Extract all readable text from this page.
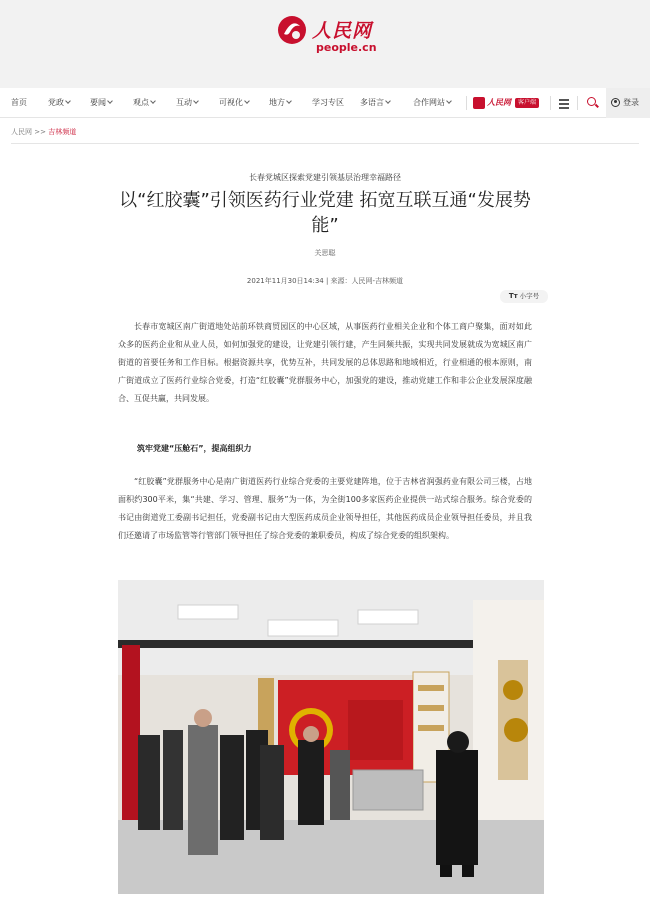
人民网
people.cn
首页	党政	要闻	观点	互动	可视化	地方	学习专区 多语言	合作网站	人民网	客户端	登录
人民网 >> 吉林频道
长春党城区探索党建引领基层治理幸福路径
以“红胶囊”引领医药行业党建 拓宽互联互通“发展势能”
关思聪
2021年11月30日14:34 | 来源：人民网-吉林频道
Tт 小字号

长春市宽城区南广街道地处站前环铁商贸园区的中心区域，从事医药行业相关企业和个体工商户聚集，面对如此众多的医药企业和从业人员，如何加强党的建设，让党建引领行建，产生同频共振，实现共同发展就成为宽城区南广街道的首要任务和工作目标。根据资源共享，优势互补，共同发展的总体思路和地域相近，行业相通的根本原则，南广街道成立了医药行业综合党委，打造“红胶囊”党群服务中心，加强党的建设，推动党建工作和非公企业发展深度融合、互促共赢，共同发展。

筑牢党建“压舱石”，提高组织力

“红胶囊”党群服务中心是南广街道医药行业综合党委的主要党建阵地，位于吉林省润强药业有限公司三楼，占地面积约300平米，集“共建、学习、管理、服务”为一体，为全街100多家医药企业提供一站式综合服务。综合党委的书记由街道党工委副书记担任，党委副书记由大型医药成员企业领导担任，其他医药成员企业领导担任委员，并且我们还邀请了市场监管等行管部门领导担任了综合党委的兼职委员，构成了综合党委的组织架构。
